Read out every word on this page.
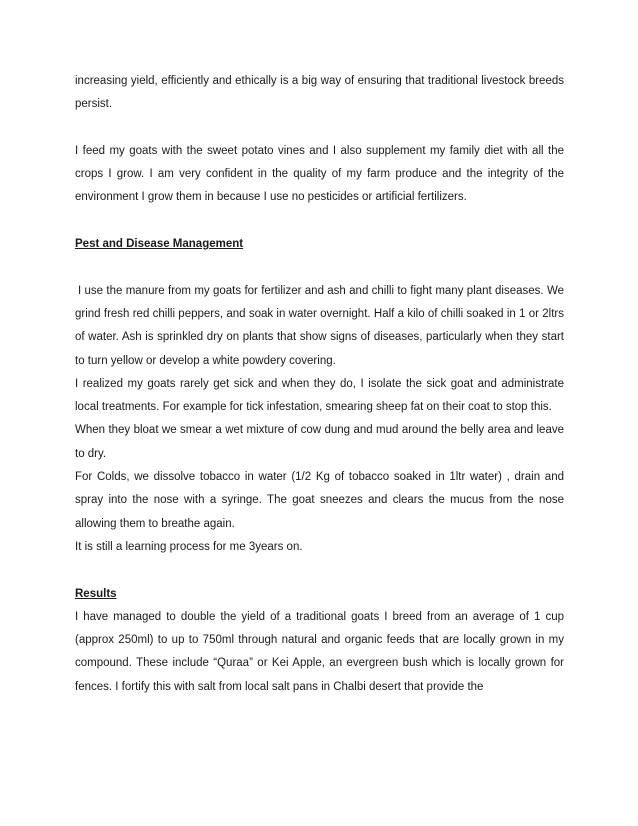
increasing yield, efficiently and ethically is a big way of ensuring that traditional livestock breeds persist.

I feed my goats with the sweet potato vines and I also supplement my family diet with all the crops I grow. I am very confident in the quality of my farm produce and the integrity of the environment I grow them in because I use no pesticides or artificial fertilizers.

Pest and Disease Management

I use the manure from my goats for fertilizer and ash and chilli to fight many plant diseases. We grind fresh red chilli peppers, and soak in water overnight. Half a kilo of chilli soaked in 1 or 2ltrs of water. Ash is sprinkled dry on plants that show signs of diseases, particularly when they start to turn yellow or develop a white powdery covering.

I realized my goats rarely get sick and when they do, I isolate the sick goat and administrate local treatments. For example for tick infestation, smearing sheep fat on their coat to stop this.

When they bloat we smear a wet mixture of cow dung and mud around the belly area and leave to dry.

For Colds, we dissolve tobacco in water (1/2 Kg of tobacco soaked in 1ltr water) , drain and spray into the nose with a syringe. The goat sneezes and clears the mucus from the nose allowing them to breathe again.

It is still a learning process for me 3years on.

Results

I have managed to double the yield of a traditional goats I breed from an average of 1 cup (approx 250ml) to up to 750ml through natural and organic feeds that are locally grown in my compound. These include “Quraa” or Kei Apple, an evergreen bush which is locally grown for fences. I fortify this with salt from local salt pans in Chalbi desert that provide the
